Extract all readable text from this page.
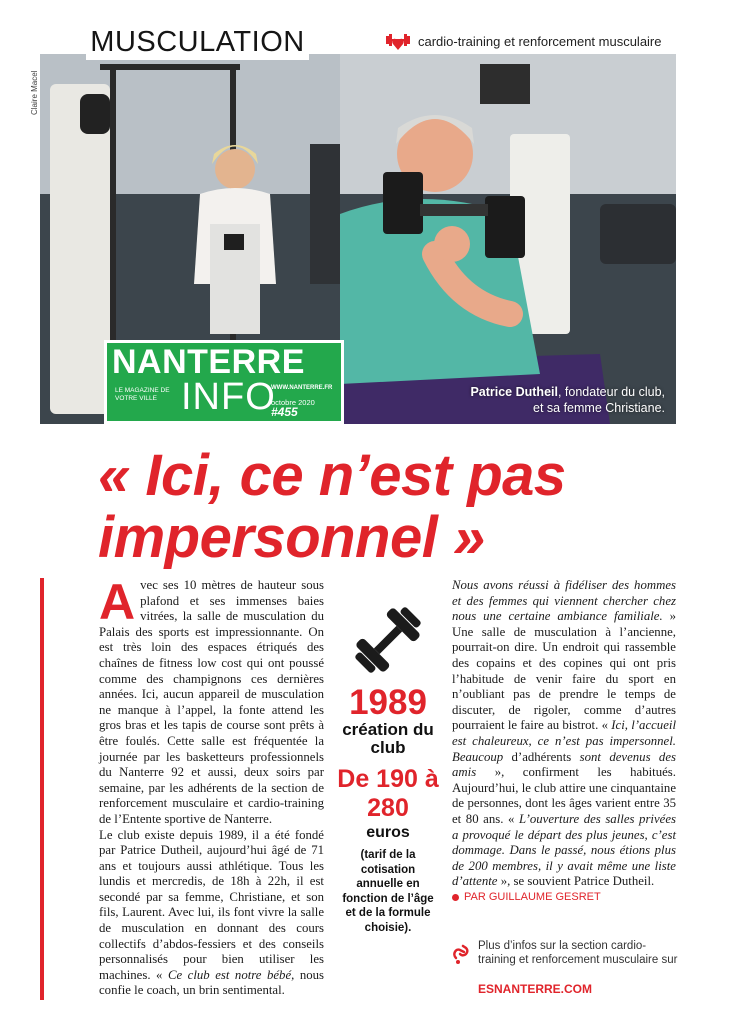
Claire Macel
MUSCULATION	cardio-training et renforcement musculaire
NANTERRE
LE MAGAZINE DE VOTRE VILLE INFO
WWW.NANTERRE.FR
octobre 2020
#455
Patrice Dutheil, fondateur du club,
et sa femme Christiane.
« Ici, ce n’est pas impersonnel »

Avec ses 10 mètres de hauteur sous plafond et ses immenses baies vitrées, la salle de musculation du Palais des sports est impressionnante. On est très loin des espaces étriqués des chaînes de fitness low cost qui ont poussé comme des champignons ces dernières années. Ici, aucun appareil de musculation ne manque à l’appel, la fonte attend les gros bras et les tapis de course sont prêts à être foulés. Cette salle est fréquentée la journée par les basketteurs professionnels du Nanterre 92 et aussi, deux soirs par semaine, par les adhérents de la section de renforcement musculaire et cardio-training de l’Entente sportive de Nanterre.

Le club existe depuis 1989, il a été fondé par Patrice Dutheil, aujourd’hui âgé de 71 ans et toujours aussi athlétique. Tous les lundis et mercredis, de 18h à 22h, il est secondé par sa femme, Christiane, et son fils, Laurent. Avec lui, ils font vivre la salle de musculation en donnant des cours collectifs d’abdos-fessiers et des conseils personnalisés pour bien utiliser les machines. « Ce club est notre bébé, nous confie le coach, un brin sentimental.

1989
création du club
De 190 à 280
euros
(tarif de la cotisation annuelle en fonction de l’âge et de la formule choisie).

Nous avons réussi à fidéliser des hommes et des femmes qui viennent chercher chez nous une certaine ambiance familiale. » Une salle de musculation à l’ancienne, pourrait-on dire. Un endroit qui rassemble des copains et des copines qui ont pris l’habitude de venir faire du sport en n’oubliant pas de prendre le temps de discuter, de rigoler, comme d’autres pourraient le faire au bistrot. « Ici, l’accueil est chaleureux, ce n’est pas impersonnel. Beaucoup d’adhérents sont devenus des amis », confirment les habitués. Aujourd’hui, le club attire une cinquantaine de personnes, dont les âges varient entre 35 et 80 ans. « L’ouverture des salles privées a provoqué le départ des plus jeunes, c’est dommage. Dans le passé, nous étions plus de 200 membres, il y avait même une liste d’attente », se souvient Patrice Dutheil.

PAR GUILLAUME GESRET
Plus d’infos sur la section cardio-training et renforcement musculaire sur
ESNANTERRE.COM
